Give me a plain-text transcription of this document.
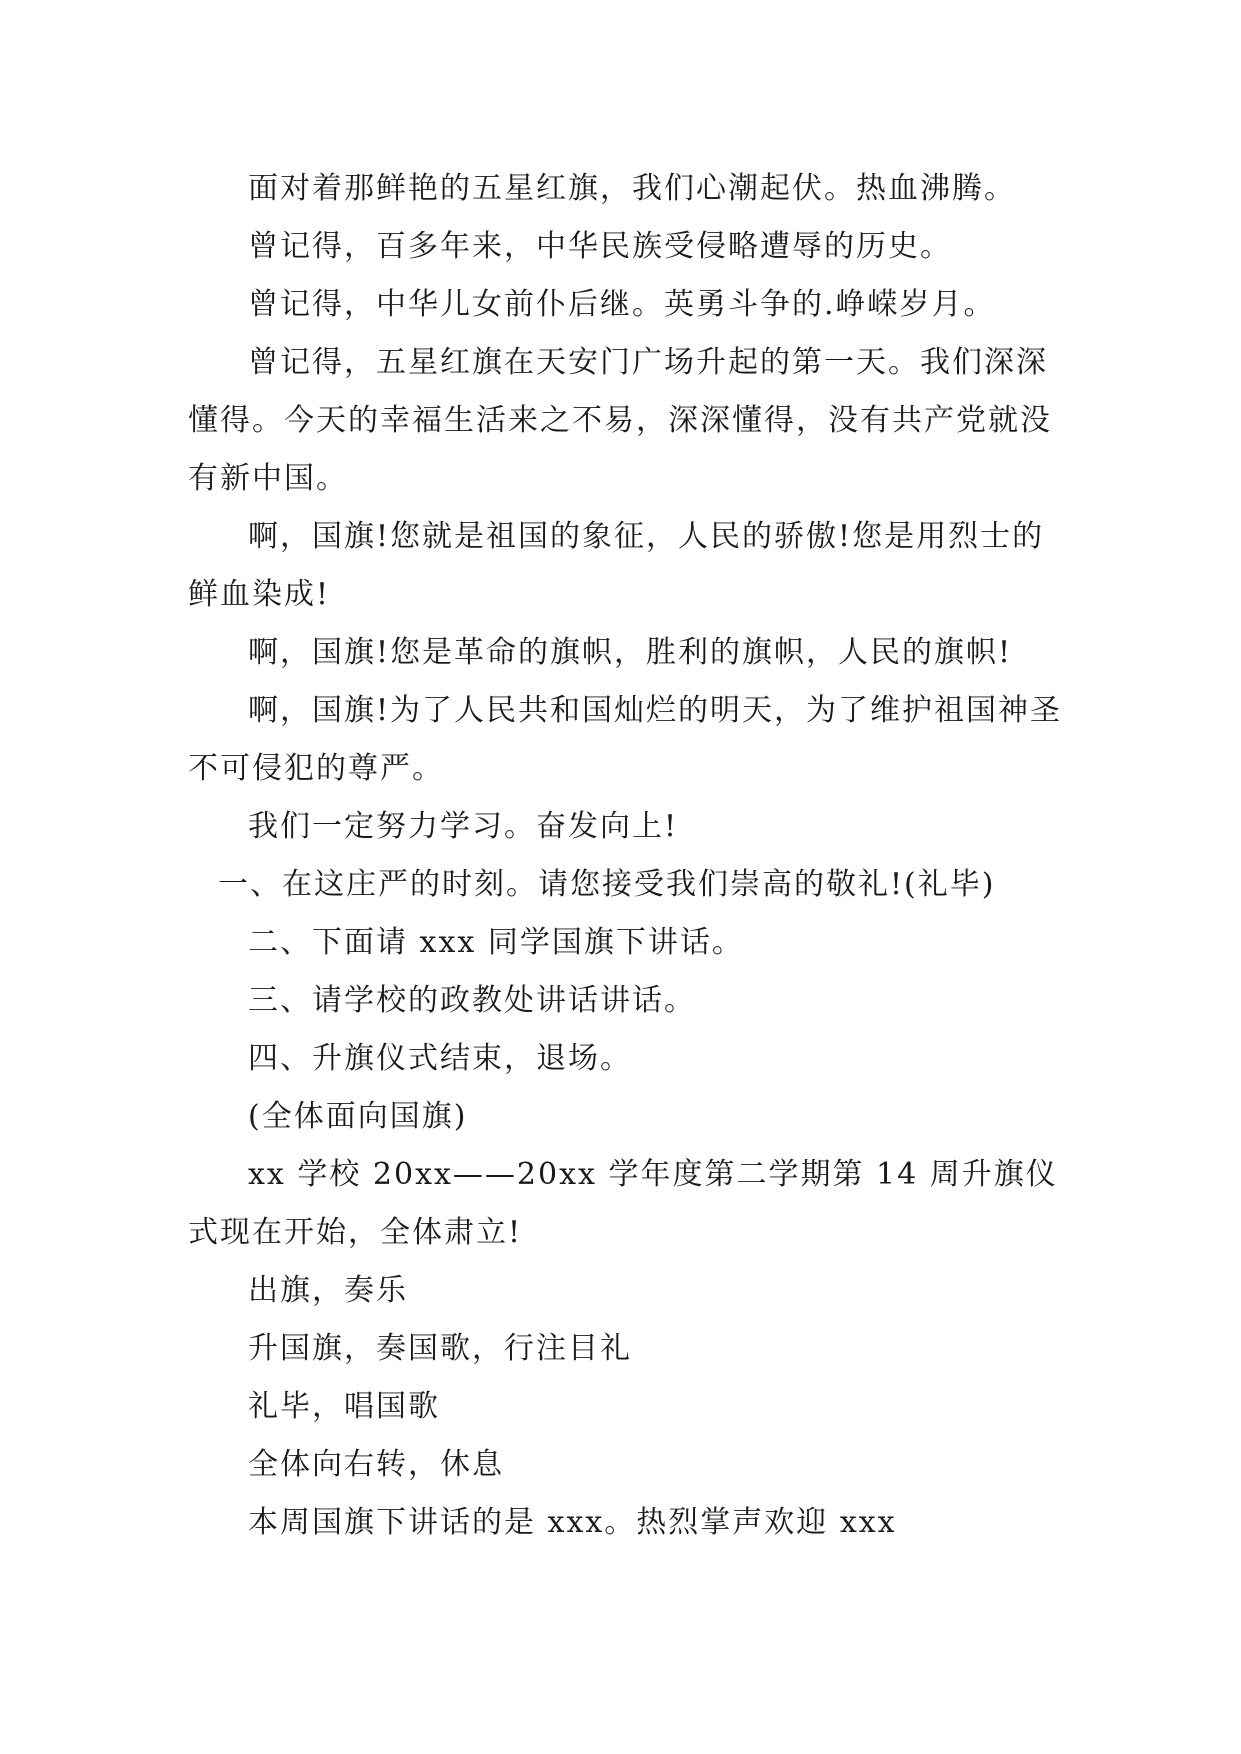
面对着那鲜艳的五星红旗，我们心潮起伏。热血沸腾。

曾记得，百多年来，中华民族受侵略遭辱的历史。

曾记得，中华儿女前仆后继。英勇斗争的.峥嵘岁月。

曾记得，五星红旗在天安门广场升起的第一天。我们深深懂得。今天的幸福生活来之不易，深深懂得，没有共产党就没有新中国。

啊，国旗!您就是祖国的象征，人民的骄傲!您是用烈士的鲜血染成!

啊，国旗!您是革命的旗帜，胜利的旗帜，人民的旗帜!

啊，国旗!为了人民共和国灿烂的明天，为了维护祖国神圣不可侵犯的尊严。

我们一定努力学习。奋发向上!

一、在这庄严的时刻。请您接受我们崇高的敬礼!(礼毕)

二、下面请 xxx 同学国旗下讲话。

三、请学校的政教处讲话讲话。

四、升旗仪式结束，退场。

(全体面向国旗)

xx 学校 20xx——20xx 学年度第二学期第 14 周升旗仪式现在开始，全体肃立!

出旗，奏乐

升国旗，奏国歌，行注目礼

礼毕，唱国歌

全体向右转，休息

本周国旗下讲话的是 xxx。热烈掌声欢迎 xxx
